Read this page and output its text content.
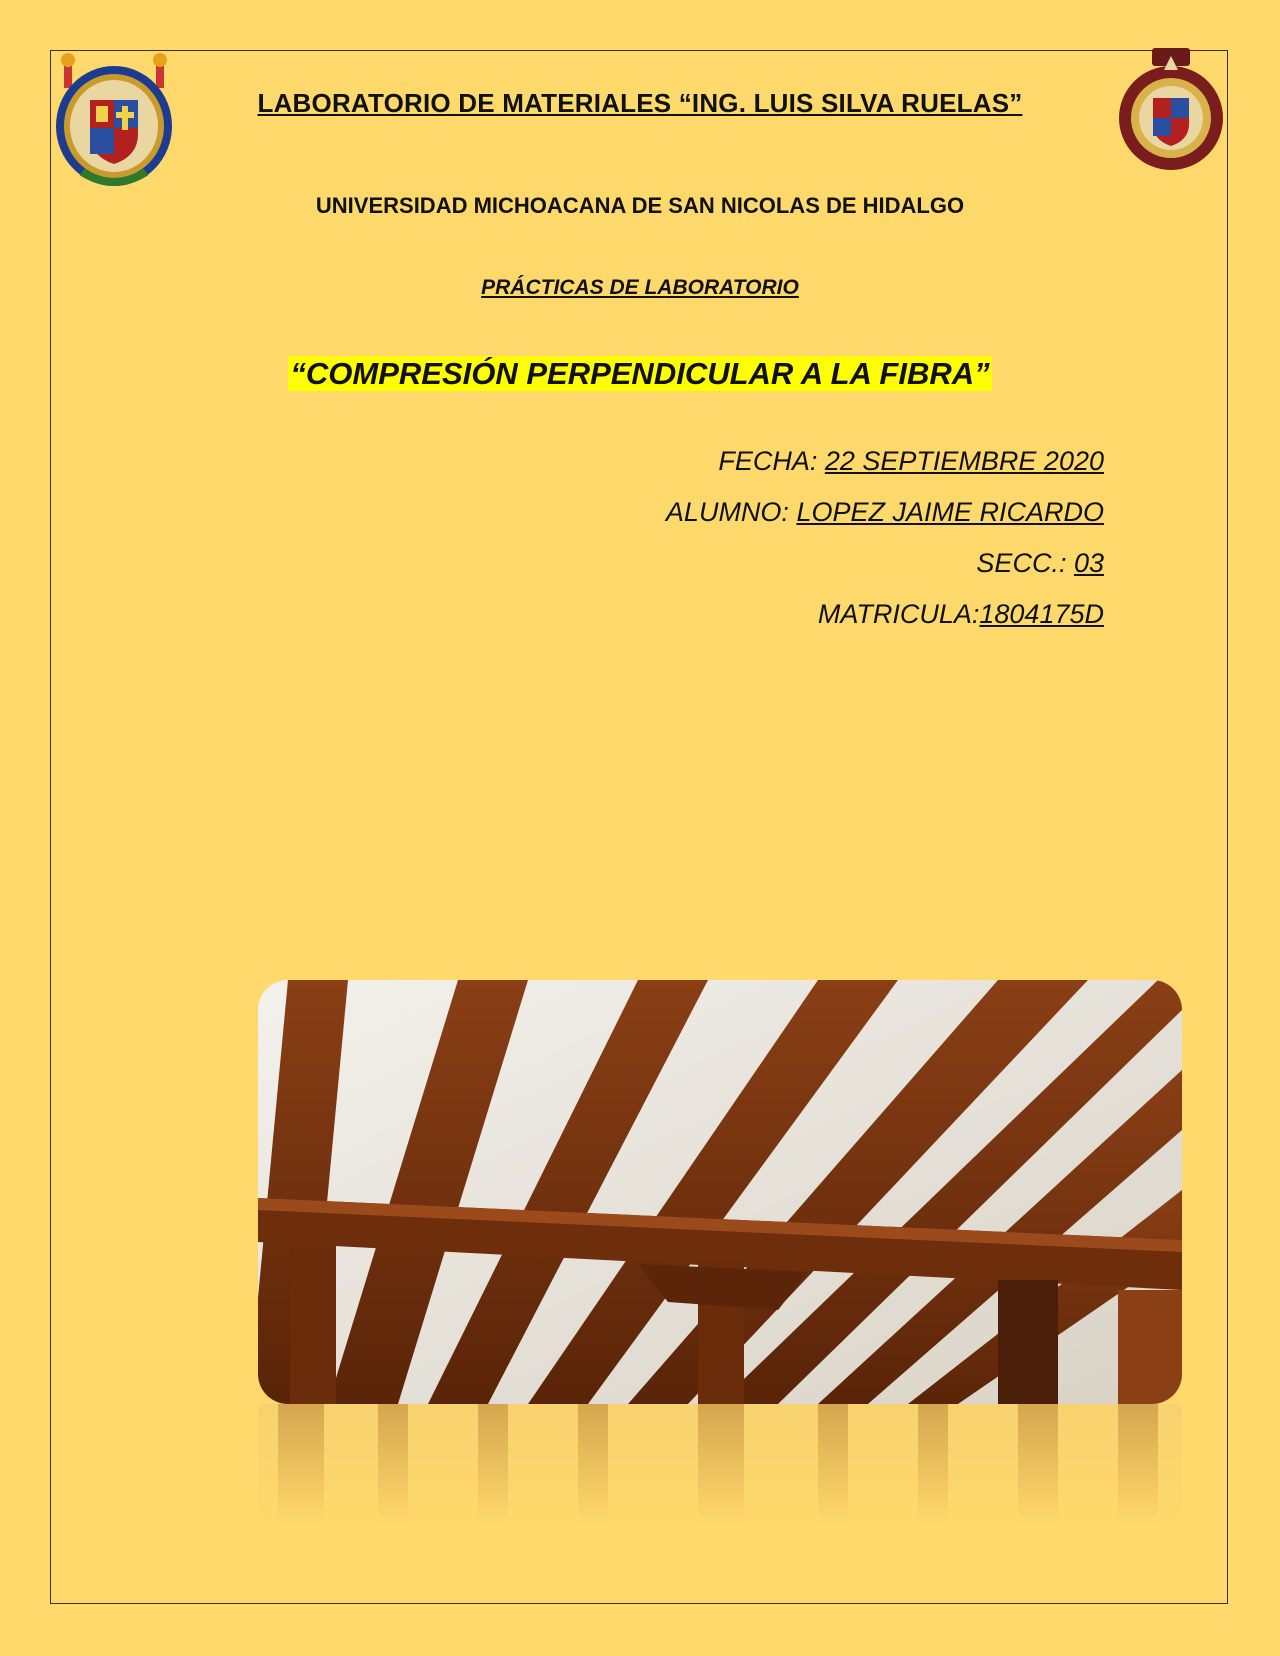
LABORATORIO DE MATERIALES “ING. LUIS SILVA RUELAS”
UNIVERSIDAD MICHOACANA DE SAN NICOLAS DE HIDALGO
PRÁCTICAS DE LABORATORIO
“COMPRESIÓN PERPENDICULAR A LA FIBRA”
FECHA: 22 SEPTIEMBRE 2020
ALUMNO: LOPEZ JAIME RICARDO
SECC.: 03
MATRICULA:1804175D
